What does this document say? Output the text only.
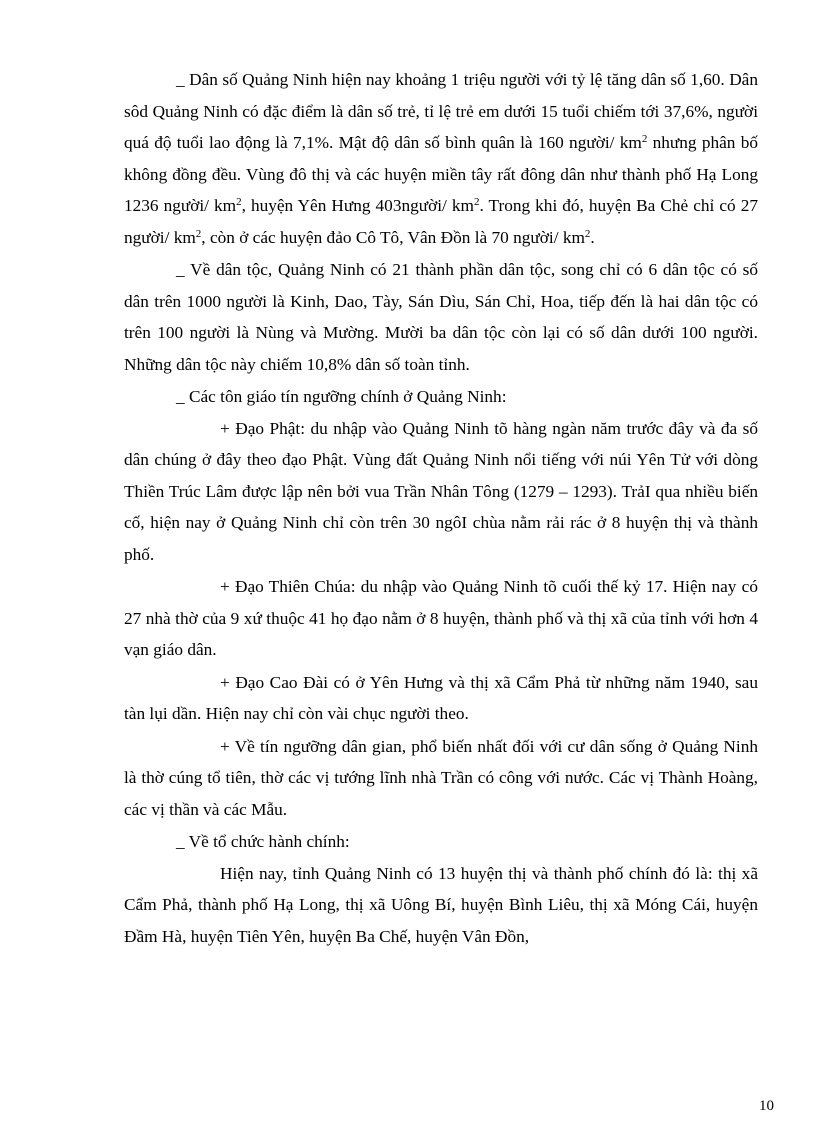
_ Dân số Quảng Ninh hiện nay khoảng 1 triệu người với tỷ lệ tăng dân số 1,60. Dân sôd Quảng Ninh có đặc điểm là dân số trẻ, tỉ lệ trẻ em dưới 15 tuổi chiếm tới 37,6%, người quá độ tuổi lao động là 7,1%. Mật độ dân số bình quân là 160 người/ $km^2$ nhưng phân bố không đồng đều. Vùng đô thị và các huyện miền tây rất đông dân như thành phố Hạ Long 1236 người/ $km^2$, huyện Yên Hưng 403người/ $km^2$. Trong khi đó, huyện Ba Chẻ chỉ có 27 người/ $km^2$, còn ở các huyện đảo Cô Tô, Vân Đồn là 70 người/ $km^2$.

_ Về dân tộc, Quảng Ninh có 21 thành phần dân tộc, song chỉ có 6 dân tộc có số dân trên 1000 người là Kinh, Dao, Tày, Sán Dìu, Sán Chỉ, Hoa, tiếp đến là hai dân tộc có trên 100 người là Nùng và Mường. Mười ba dân tộc còn lại có số dân dưới 100 người. Những dân tộc này chiếm 10,8% dân số toàn tỉnh.

_ Các tôn giáo tín ngưỡng chính ở Quảng Ninh:

+ Đạo Phật: du nhập vào Quảng Ninh tõ hàng ngàn năm trước đây và đa số dân chúng ở đây theo đạo Phật. Vùng đất Quảng Ninh nổi tiếng với núi Yên Tử với dòng Thiền Trúc Lâm được lập nên bởi vua Trần Nhân Tông (1279 – 1293). TrảI qua nhiều biến cố, hiện nay ở Quảng Ninh chỉ còn trên 30 ngôI chùa nằm rải rác ở 8 huyện thị và thành phố.

+ Đạo Thiên Chúa: du nhập vào Quảng Ninh tõ cuối thế kỷ 17. Hiện nay có 27 nhà thờ của 9 xứ thuộc 41 họ đạo nằm ở 8 huyện, thành phố và thị xã của tỉnh với hơn 4 vạn giáo dân.

+ Đạo Cao Đài có ở Yên Hưng và thị xã Cẩm Phả từ những năm 1940, sau tàn lụi dần. Hiện nay chỉ còn vài chục người theo.

+ Về tín ngưỡng dân gian, phổ biến nhất đối với cư dân sống ở Quảng Ninh là thờ cúng tổ tiên, thờ các vị tướng lĩnh nhà Trần có công với nước. Các vị Thành Hoàng, các vị thần và các Mẫu.

_ Về tổ chức hành chính:

Hiện nay, tỉnh Quảng Ninh có 13 huyện thị và thành phố chính đó là: thị xã Cẩm Phả, thành phố Hạ Long, thị xã Uông Bí, huyện Bình Liêu, thị xã Móng Cái, huyện Đầm Hà, huyện Tiên Yên, huyện Ba Chế, huyện Vân Đồn,

10
